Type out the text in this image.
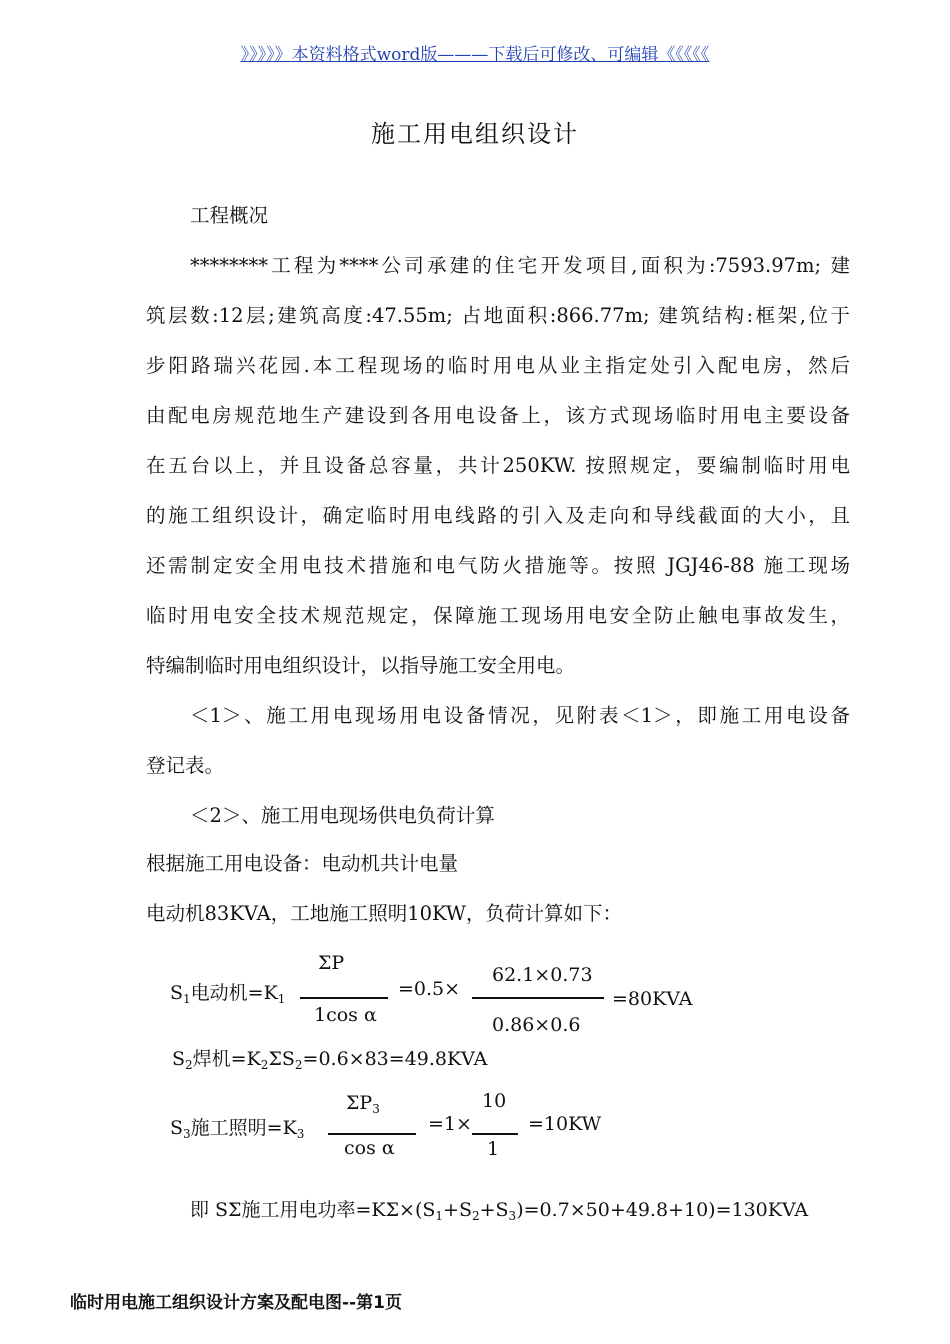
》》》》》本资料格式word版———下载后可修改、可编辑《《《《《
施工用电组织设计
工程概况
********工程为****公司承建的住宅开发项目,面积为:7593.97m; 建
筑层数:12层;建筑高度:47.55m; 占地面积:866.77m; 建筑结构:框架,位于
步阳路瑞兴花园.本工程现场的临时用电从业主指定处引入配电房，然后
由配电房规范地生产建设到各用电设备上，该方式现场临时用电主要设备
在五台以上，并且设备总容量，共计250KW. 按照规定，要编制临时用电
的施工组织设计，确定临时用电线路的引入及走向和导线截面的大小，且
还需制定安全用电技术措施和电气防火措施等。按照 JGJ46-88 施工现场
临时用电安全技术规范规定，保障施工现场用电安全防止触电事故发生，
特编制临时用电组织设计，以指导施工安全用电。
＜1＞、施工用电现场用电设备情况，见附表＜1＞，即施工用电设备
登记表。
＜2＞、施工用电现场供电负荷计算
根据施工用电设备：电动机共计电量
电动机83KVA，工地施工照明10KW，负荷计算如下：
$S_1$电动机$=K_1$
ΣP
1cos α
=0.5×
62.1×0.73
0.86×0.6
=80KVA
$S_2$焊机$=K_2\Sigma S_2=0.6\times 83=49.8KVA$
$S_3$施工照明$=K_3$
$\Sigma P_3$
cos α
=1×
10
1
=10KW
即 SΣ施工用电功率$=K\Sigma\times(S_1+S_2+S_3)=0.7\times 50+49.8+10)=130KVA$
临时用电施工组织设计方案及配电图--第1页
